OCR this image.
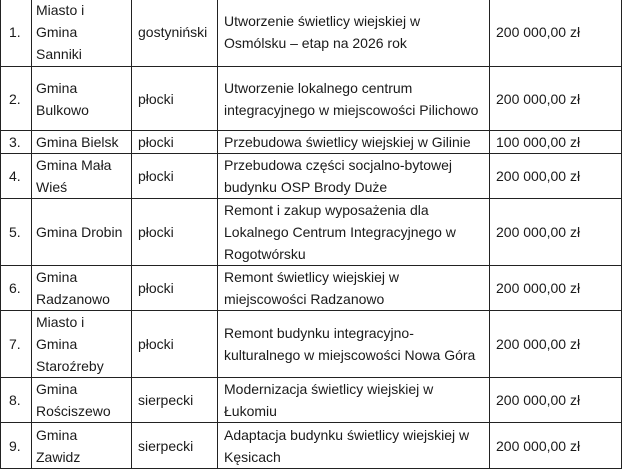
1.	Miasto i Gmina Sanniki	gostyniński	Utworzenie świetlicy wiejskiej w Osmólsku – etap na 2026 rok	200 000,00 zł
2.	Gmina Bulkowo	płocki	Utworzenie lokalnego centrum integracyjnego w miejscowości Pilichowo	200 000,00 zł
3.	Gmina Bielsk	płocki	Przebudowa świetlicy wiejskiej w Gilinie	100 000,00 zł
4.	Gmina Mała Wieś	płocki	Przebudowa części socjalno-bytowej budynku OSP Brody Duże	200 000,00 zł
5.	Gmina Drobin	płocki	Remont i zakup wyposażenia dla Lokalnego Centrum Integracyjnego w Rogotwórsku	200 000,00 zł
6.	Gmina Radzanowo	płocki	Remont świetlicy wiejskiej w miejscowości Radzanowo	200 000,00 zł
7.	Miasto i Gmina Staroźreby	płocki	Remont budynku integracyjno-kulturalnego w miejscowości Nowa Góra	200 000,00 zł
8.	Gmina Rościszewo	sierpecki	Modernizacja świetlicy wiejskiej w Łukomiu	200 000,00 zł
9.	Gmina Zawidz	sierpecki	Adaptacja budynku świetlicy wiejskiej w Kęsicach	200 000,00 zł
